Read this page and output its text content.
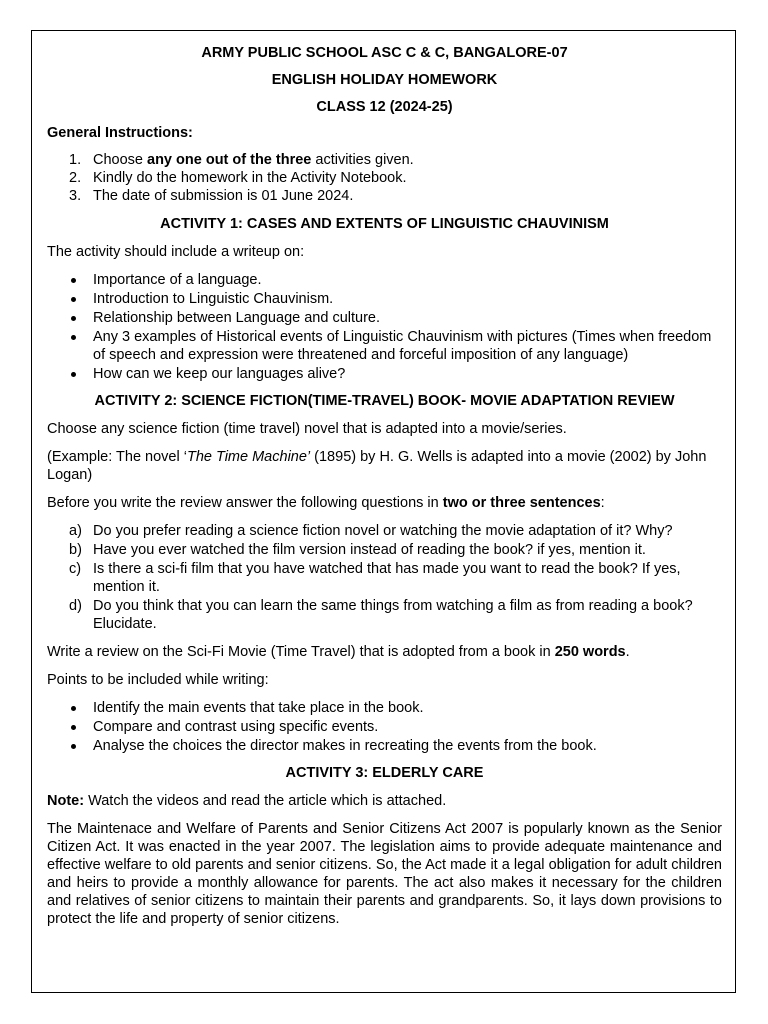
ARMY PUBLIC SCHOOL ASC C & C, BANGALORE-07

ENGLISH HOLIDAY HOMEWORK

CLASS 12 (2024-25)

General Instructions:

1. Choose any one out of the three activities given.
2. Kindly do the homework in the Activity Notebook.
3. The date of submission is 01 June 2024.

ACTIVITY 1: CASES AND EXTENTS OF LINGUISTIC CHAUVINISM

The activity should include a writeup on:

Importance of a language.
Introduction to Linguistic Chauvinism.
Relationship between Language and culture.
Any 3 examples of Historical events of Linguistic Chauvinism with pictures (Times when freedom of speech and expression were threatened and forceful imposition of any language)
How can we keep our languages alive?

ACTIVITY 2: SCIENCE FICTION(TIME-TRAVEL) BOOK- MOVIE ADAPTATION REVIEW

Choose any science fiction (time travel) novel that is adapted into a movie/series.

(Example: The novel ‘The Time Machine’ (1895) by H. G. Wells is adapted into a movie (2002) by John Logan)

Before you write the review answer the following questions in two or three sentences:

a) Do you prefer reading a science fiction novel or watching the movie adaptation of it? Why?
b) Have you ever watched the film version instead of reading the book? if yes, mention it.
c) Is there a sci-fi film that you have watched that has made you want to read the book? If yes, mention it.
d) Do you think that you can learn the same things from watching a film as from reading a book? Elucidate.

Write a review on the Sci-Fi Movie (Time Travel) that is adopted from a book in 250 words.

Points to be included while writing:

Identify the main events that take place in the book.
Compare and contrast using specific events.
Analyse the choices the director makes in recreating the events from the book.

ACTIVITY 3: ELDERLY CARE

Note: Watch the videos and read the article which is attached.

The Maintenace and Welfare of Parents and Senior Citizens Act 2007 is popularly known as the Senior Citizen Act. It was enacted in the year 2007. The legislation aims to provide adequate maintenance and effective welfare to old parents and senior citizens. So, the Act made it a legal obligation for adult children and heirs to provide a monthly allowance for parents. The act also makes it necessary for the children and relatives of senior citizens to maintain their parents and grandparents. So, it lays down provisions to protect the life and property of senior citizens.
